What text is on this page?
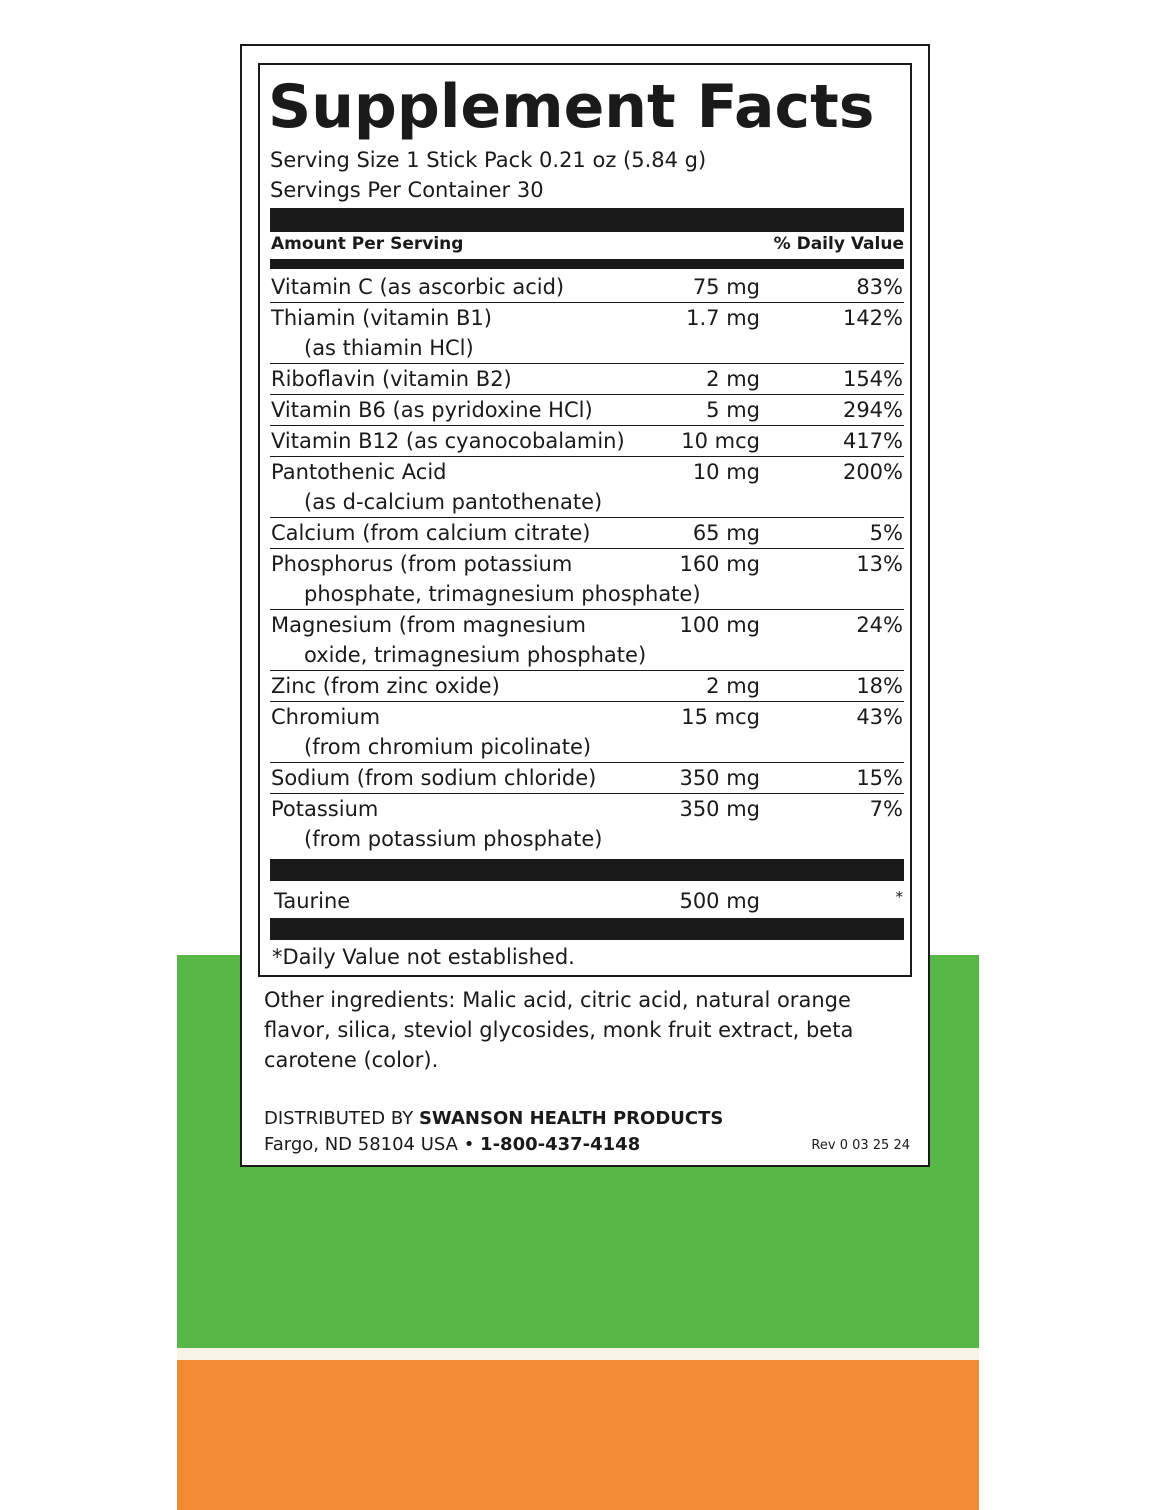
Supplement Facts
Serving Size 1 Stick Pack 0.21 oz (5.84 g)
Servings Per Container 30
Amount Per Serving	% Daily Value
Vitamin C (as ascorbic acid)	75 mg	83%
Thiamin (vitamin B1)
(as thiamin HCl)
1.7 mg	142%
Riboflavin (vitamin B2)	2 mg	154%
Vitamin B6 (as pyridoxine HCl)	5 mg	294%
Vitamin B12 (as cyanocobalamin)	10 mcg	417%
Pantothenic Acid
(as d-calcium pantothenate)
10 mg	200%
Calcium (from calcium citrate)	65 mg	5%
Phosphorus (from potassium
phosphate, trimagnesium phosphate)
160 mg	13%
Magnesium (from magnesium
oxide, trimagnesium phosphate)
100 mg	24%
Zinc (from zinc oxide)	2 mg	18%
Chromium
(from chromium picolinate)
15 mcg	43%
Sodium (from sodium chloride)	350 mg	15%
Potassium
(from potassium phosphate)
350 mg	7%
Taurine	500 mg	*
*Daily Value not established.
Other ingredients: Malic acid, citric acid, natural orange flavor, silica, steviol glycosides, monk fruit extract, beta carotene (color).
DISTRIBUTED BY SWANSON HEALTH PRODUCTS
Fargo, ND 58104 USA • 1-800-437-4148	Rev 0 03 25 24
